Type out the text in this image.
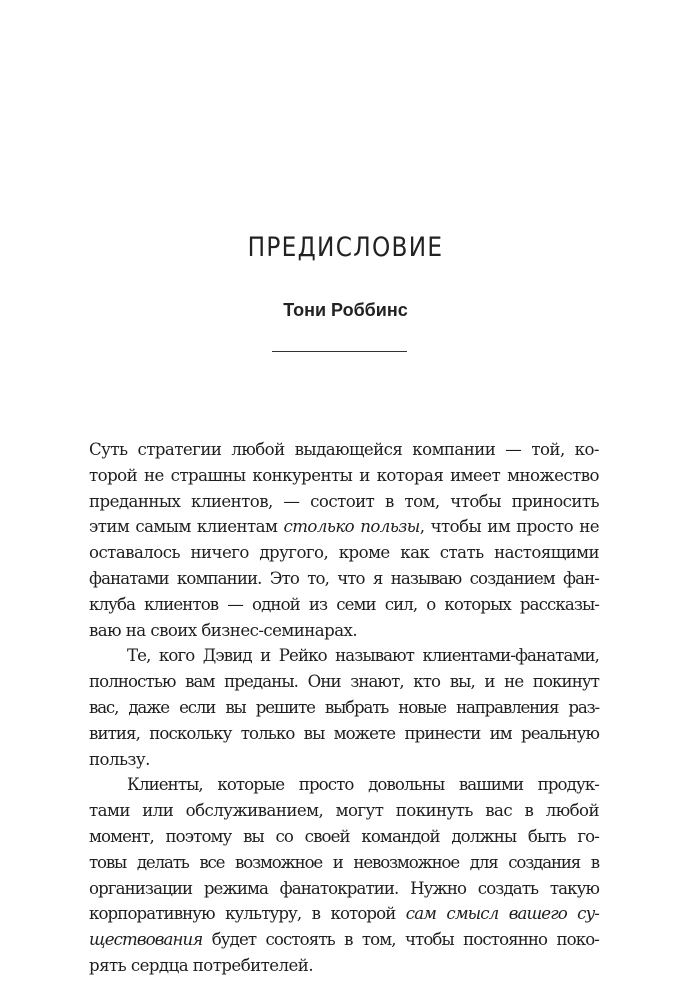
ПРЕДИСЛОВИЕ

Тони Роббинс

Суть стратегии любой выдающейся компании — той, ко-
торой не страшны конкуренты и которая имеет множество
преданных клиентов, — состоит в том, чтобы приносить
этим самым клиентам столько пользы, чтобы им просто не
оставалось ничего другого, кроме как стать настоящими
фанатами компании. Это то, что я называю созданием фан-
клуба клиентов — одной из семи сил, о которых рассказы-
ваю на своих бизнес-семинарах.
Те, кого Дэвид и Рейко называют клиентами-фанатами,
полностью вам преданы. Они знают, кто вы, и не покинут
вас, даже если вы решите выбрать новые направления раз-
вития, поскольку только вы можете принести им реальную
пользу.
Клиенты, которые просто довольны вашими продук-
тами или обслуживанием, могут покинуть вас в любой
момент, поэтому вы со своей командой должны быть го-
товы делать все возможное и невозможное для создания в
организации режима фанатократии. Нужно создать такую
корпоративную культуру, в которой сам смысл вашего су-
ществования будет состоять в том, чтобы постоянно поко-
рять сердца потребителей.
